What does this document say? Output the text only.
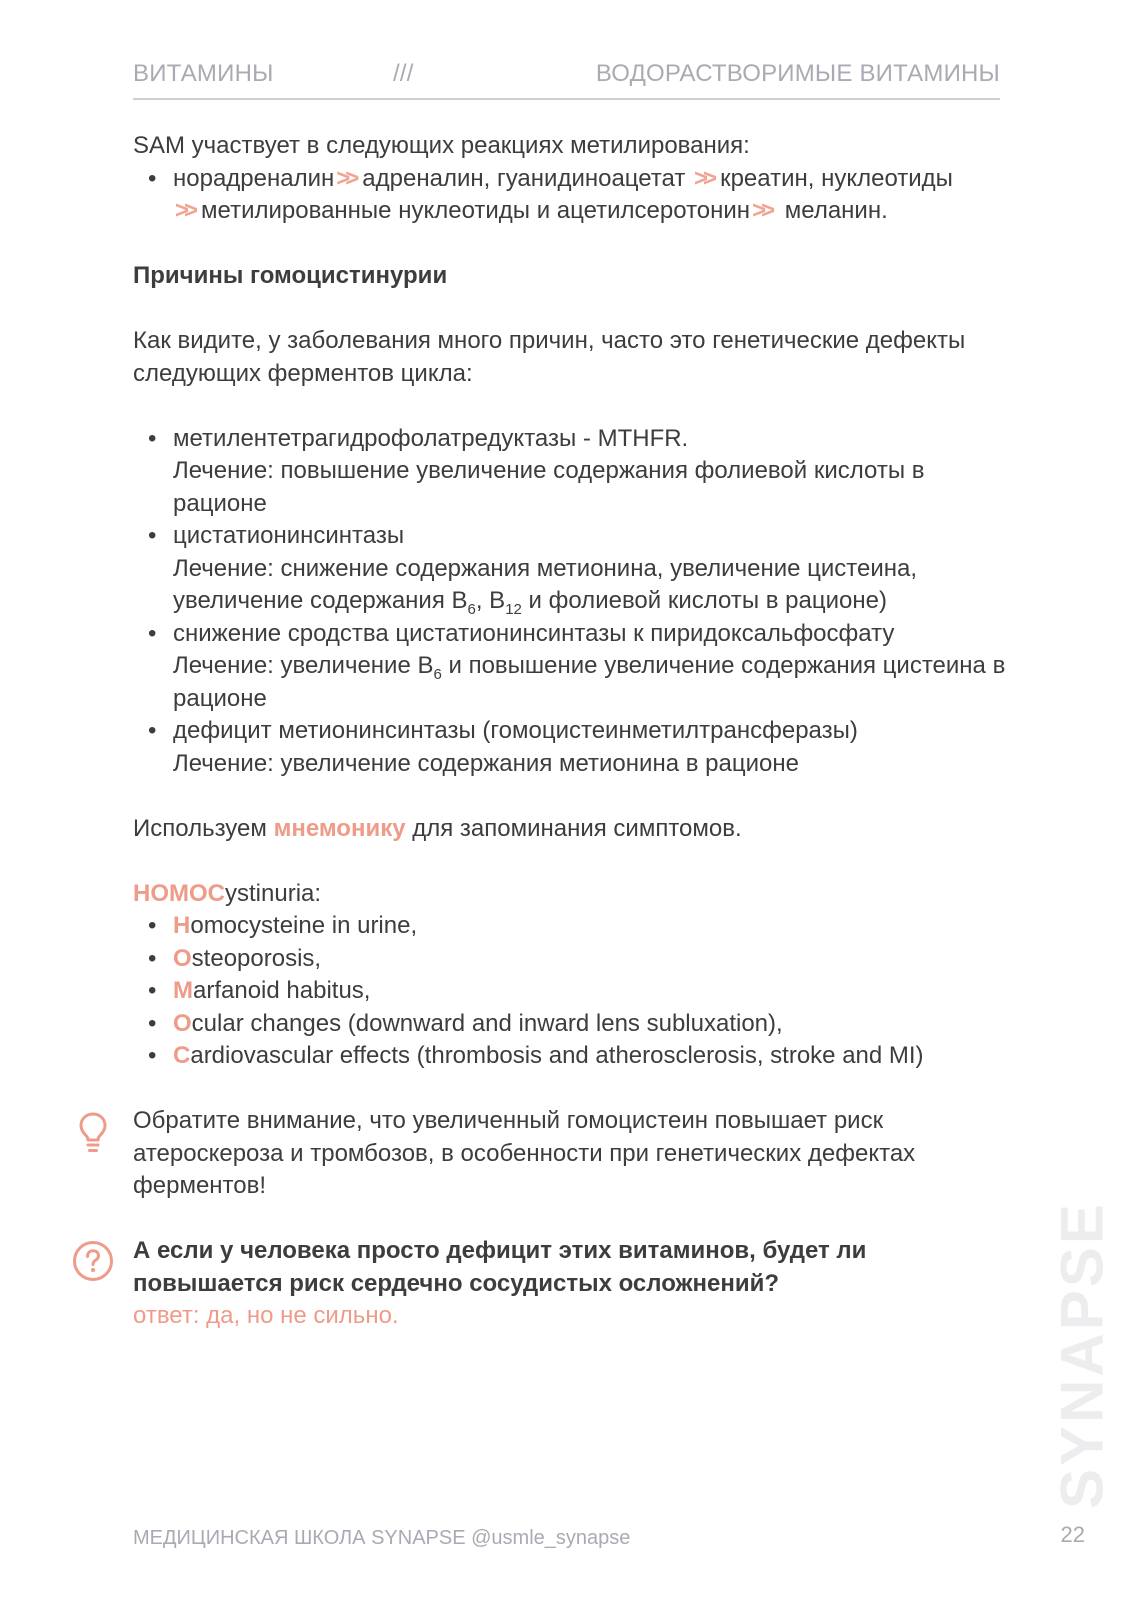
ВИТАМИНЫ	///	ВОДОРАСТВОРИМЫЕ ВИТАМИНЫ

SAM участвует в следующих реакциях метилирования:

• норадреналин>> адреналин, гуанидиноацетат >> креатин, нуклеотиды >> метилированные нуклеотиды и ацетилсеротонин>> меланин.

Причины гомоцистинурии

Как видите, у заболевания много причин, часто это генетические дефекты следующих ферментов цикла:

• метилентетрагидрофолатредуктазы - MTHFR.
Лечение: повышение увеличение содержания фолиевой кислоты в рационе
• цистатионинсинтазы
Лечение: снижение содержания метионина, увеличение цистеина, увеличение содержания $B_6$, $B_{12}$ и фолиевой кислоты в рационе)
• снижение сродства цистатионинсинтазы к пиридоксальфосфату
Лечение: увеличение $B_6$ и повышение увеличение содержания цистеина в рационе
• дефицит метионинсинтазы (гомоцистеинметилтрансферазы)
Лечение: увеличение содержания метионина в рационе

Используем мнемонику для запоминания симптомов.

HOMOCystinuria:

• Homocysteine in urine,
• Osteoporosis,
• Marfanoid habitus,
• Ocular changes (downward and inward lens subluxation),
• Cardiovascular effects (thrombosis and atherosclerosis, stroke and MI)

Обратите внимание, что увеличенный гомоцистеин повышает риск атероскероза и тромбозов, в особенности при генетических дефектах ферментов!

А если у человека просто дефицит этих витаминов, будет ли повышается риск сердечно сосудистых осложнений?

ответ: да, но не сильно.	SYNAPSE
МЕДИЦИНСКАЯ ШКОЛА SYNAPSE @usmle_synapse	22
